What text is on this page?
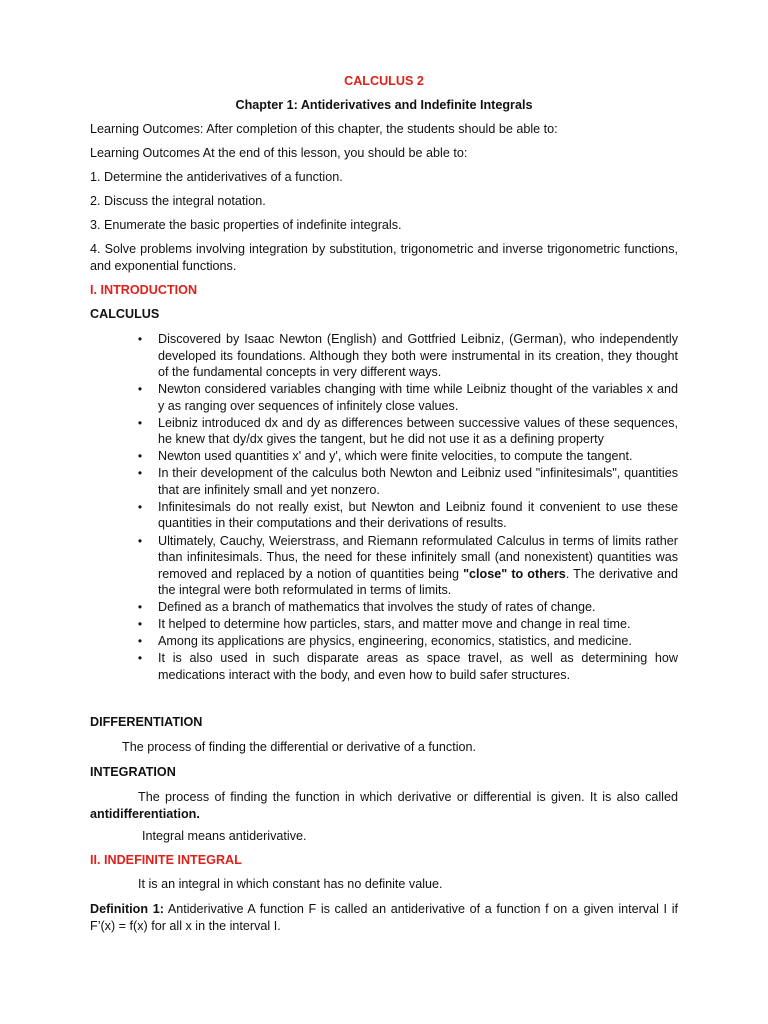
CALCULUS 2

Chapter 1: Antiderivatives and Indefinite Integrals

Learning Outcomes: After completion of this chapter, the students should be able to:

Learning Outcomes At the end of this lesson, you should be able to:

1. Determine the antiderivatives of a function.

2. Discuss the integral notation.

3. Enumerate the basic properties of indefinite integrals.

4. Solve problems involving integration by substitution, trigonometric and inverse trigonometric functions, and exponential functions.

I. INTRODUCTION

CALCULUS

•	Discovered by Isaac Newton (English) and Gottfried Leibniz, (German), who independently developed its foundations. Although they both were instrumental in its creation, they thought of the fundamental concepts in very different ways.
•	Newton considered variables changing with time while Leibniz thought of the variables x and y as ranging over sequences of infinitely close values.
•	Leibniz introduced dx and dy as differences between successive values of these sequences, he knew that dy/dx gives the tangent, but he did not use it as a defining property
•	Newton used quantities x' and y', which were finite velocities, to compute the tangent.
•	In their development of the calculus both Newton and Leibniz used "infinitesimals", quantities that are infinitely small and yet nonzero.
•	Infinitesimals do not really exist, but Newton and Leibniz found it convenient to use these quantities in their computations and their derivations of results.
•	Ultimately, Cauchy, Weierstrass, and Riemann reformulated Calculus in terms of limits rather than infinitesimals. Thus, the need for these infinitely small (and nonexistent) quantities was removed and replaced by a notion of quantities being "close" to others. The derivative and the integral were both reformulated in terms of limits.
•	Defined as a branch of mathematics that involves the study of rates of change.
•	It helped to determine how particles, stars, and matter move and change in real time.
•	Among its applications are physics, engineering, economics, statistics, and medicine.
•	It is also used in such disparate areas as space travel, as well as determining how medications interact with the body, and even how to build safer structures.

DIFFERENTIATION

The process of finding the differential or derivative of a function.

INTEGRATION

The process of finding the function in which derivative or differential is given. It is also called antidifferentiation.

Integral means antiderivative.

II. INDEFINITE INTEGRAL

It is an integral in which constant has no definite value.

Definition 1: Antiderivative A function F is called an antiderivative of a function f on a given interval I if F’(x) = f(x) for all x in the interval I.
